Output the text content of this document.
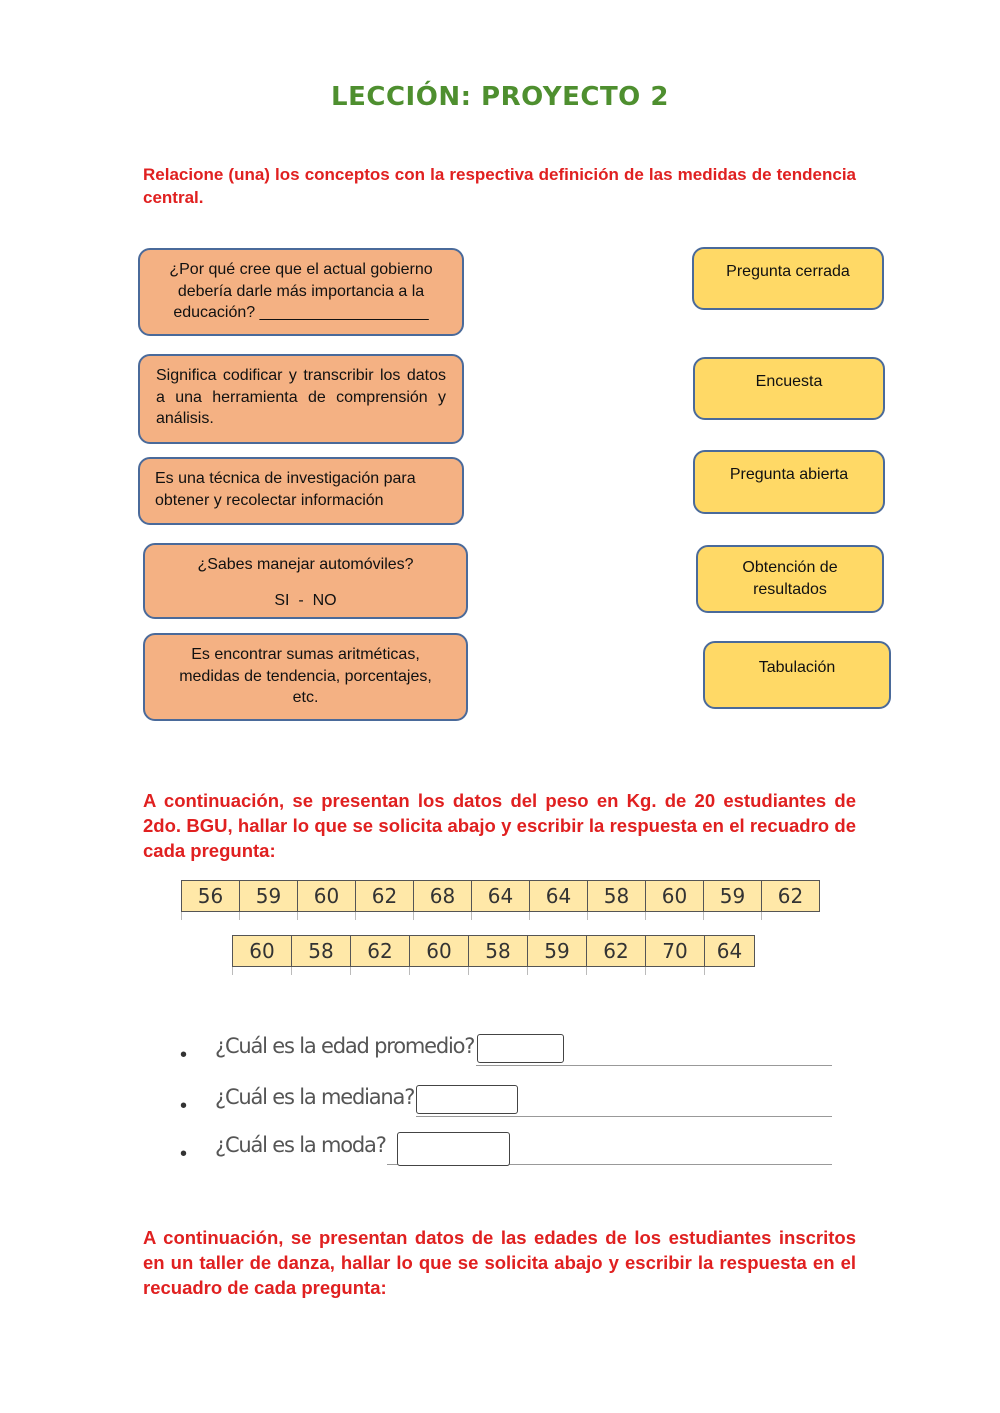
LECCIÓN: PROYECTO 2
Relacione (una) los conceptos con la respectiva definición de las medidas de tendencia central.
¿Por qué cree que el actual gobierno debería darle más importancia a la educación? ___________________
Significa codificar y transcribir los datos a una herramienta de comprensión y análisis.
Es una técnica de investigación para obtener y recolectar información
¿Sabes manejar automóviles?
SI  -  NO
Es encontrar sumas aritméticas, medidas de tendencia, porcentajes, etc.
Pregunta cerrada
Encuesta
Pregunta abierta
Obtención de resultados
Tabulación
A continuación, se presentan los datos del peso en Kg. de 20 estudiantes de 2do. BGU, hallar lo que se solicita abajo y escribir la respuesta en el recuadro de cada pregunta:
56	59	60	62	68	64	64	58	60	59	62

60	58	62	60	58	59	62	70	64

• ¿Cuál es la edad promedio?
• ¿Cuál es la mediana?
• ¿Cuál es la moda?
A continuación, se presentan datos de las edades de los estudiantes inscritos en un taller de danza, hallar lo que se solicita abajo y escribir la respuesta en el recuadro de cada pregunta:
